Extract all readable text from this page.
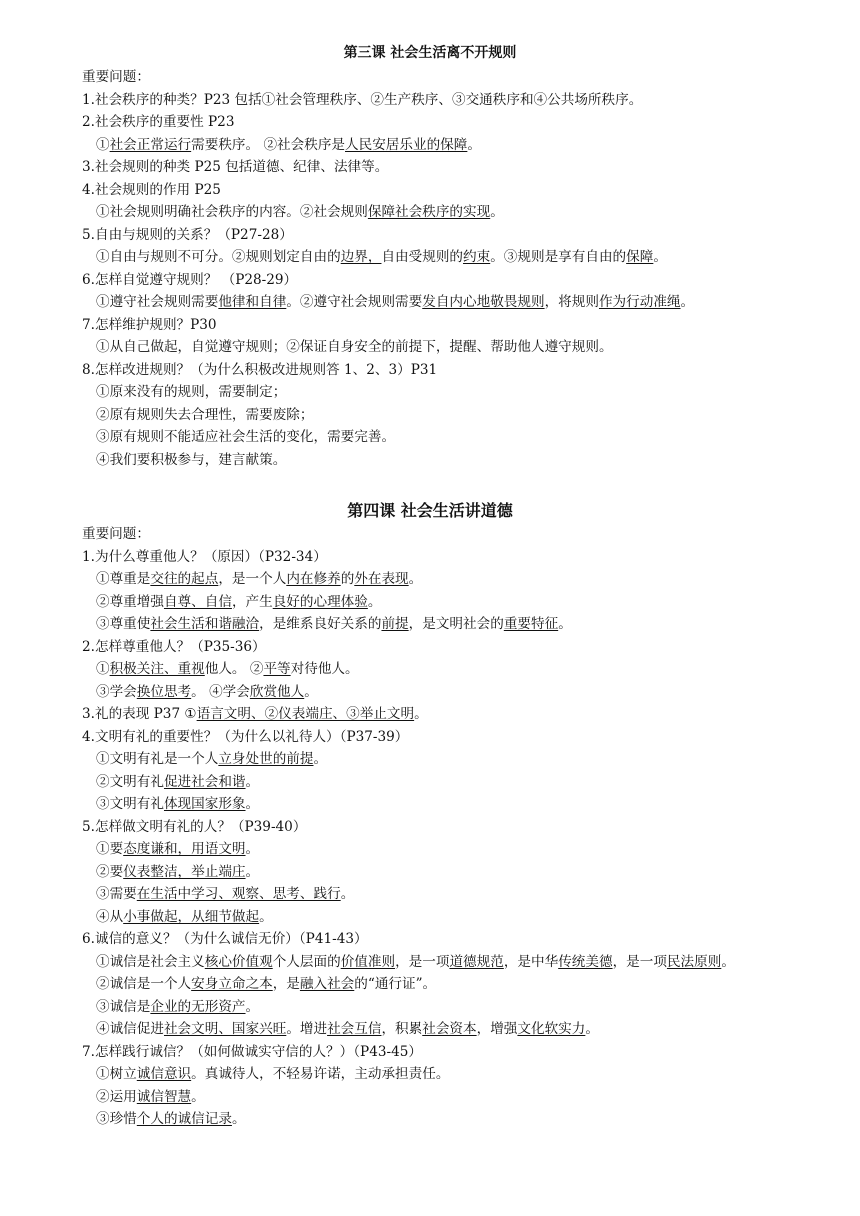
第三课 社会生活离不开规则
重要问题：
1.社会秩序的种类？P23 包括①社会管理秩序、②生产秩序、③交通秩序和④公共场所秩序。
2.社会秩序的重要性 P23
①社会正常运行需要秩序。 ②社会秩序是人民安居乐业的保障。
3.社会规则的种类 P25 包括道德、纪律、法律等。
4.社会规则的作用 P25
①社会规则明确社会秩序的内容。②社会规则保障社会秩序的实现。
5.自由与规则的关系？（P27-28）
①自由与规则不可分。②规则划定自由的边界，自由受规则的约束。③规则是享有自由的保障。
6.怎样自觉遵守规则？ （P28-29）
①遵守社会规则需要他律和自律。②遵守社会规则需要发自内心地敬畏规则，将规则作为行动准绳。
7.怎样维护规则？P30
①从自己做起，自觉遵守规则；②保证自身安全的前提下，提醒、帮助他人遵守规则。
8.怎样改进规则？（为什么积极改进规则答 1、2、3）P31
①原来没有的规则，需要制定；
②原有规则失去合理性，需要废除；
③原有规则不能适应社会生活的变化，需要完善。
④我们要积极参与，建言献策。
第四课 社会生活讲道德
重要问题：
1.为什么尊重他人？（原因）（P32-34）
①尊重是交往的起点，是一个人内在修养的外在表现。
②尊重增强自尊、自信，产生良好的心理体验。
③尊重使社会生活和谐融洽，是维系良好关系的前提，是文明社会的重要特征。
2.怎样尊重他人？（P35-36）
①积极关注、重视他人。 ②平等对待他人。
③学会换位思考。 ④学会欣赏他人。
3.礼的表现 P37 ①语言文明、②仪表端庄、③举止文明。
4.文明有礼的重要性？（为什么以礼待人）（P37-39）
①文明有礼是一个人立身处世的前提。
②文明有礼促进社会和谐。
③文明有礼体现国家形象。
5.怎样做文明有礼的人？（P39-40）
①要态度谦和，用语文明。
②要仪表整洁，举止端庄。
③需要在生活中学习、观察、思考、践行。
④从小事做起，从细节做起。
6.诚信的意义？（为什么诚信无价）（P41-43）
①诚信是社会主义核心价值观个人层面的价值准则，是一项道德规范，是中华传统美德，是一项民法原则。
②诚信是一个人安身立命之本，是融入社会的“通行证”。
③诚信是企业的无形资产。
④诚信促进社会文明、国家兴旺。增进社会互信，积累社会资本，增强文化软实力。
7.怎样践行诚信？（如何做诚实守信的人？）（P43-45）
①树立诚信意识。真诚待人，不轻易许诺，主动承担责任。
②运用诚信智慧。
③珍惜个人的诚信记录。
